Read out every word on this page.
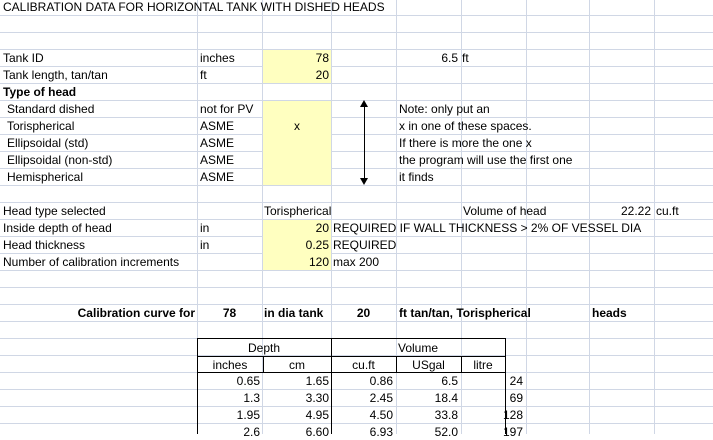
CALIBRATION DATA FOR HORIZONTAL TANK WITH DISHED HEADS
Tank ID	inches	78	6.5 ft
Tank length, tan/tan	ft	20
Type of head
Standard dished	not for PV
Torispherical	ASME	x
Ellipsoidal (std)	ASME
Ellipsoidal (non-std)	ASME
Hemispherical	ASME
Note: only put an
x in one of these spaces.
If there is more the one x
the program will use the first one
it finds
Head type selected	Torispherical	Volume of head	22.22 cu.ft
Inside depth of head	in	20 REQUIRED IF WALL THICKNESS > 2% OF VESSEL DIA
Head thickness	in	0.25 REQUIRED
Number of calibration increments	120 max 200
Calibration curve for	78	in dia tank	20	ft tan/tan, Torispherical	heads
Depth	Volume
inches	cm	cu.ft	USgal	litre
0.65	1.65	0.86	6.5	24
1.3	3.30	2.45	18.4	69
1.95	4.95	4.50	33.8	128
2.6	6.60	6.93	52.0	197
